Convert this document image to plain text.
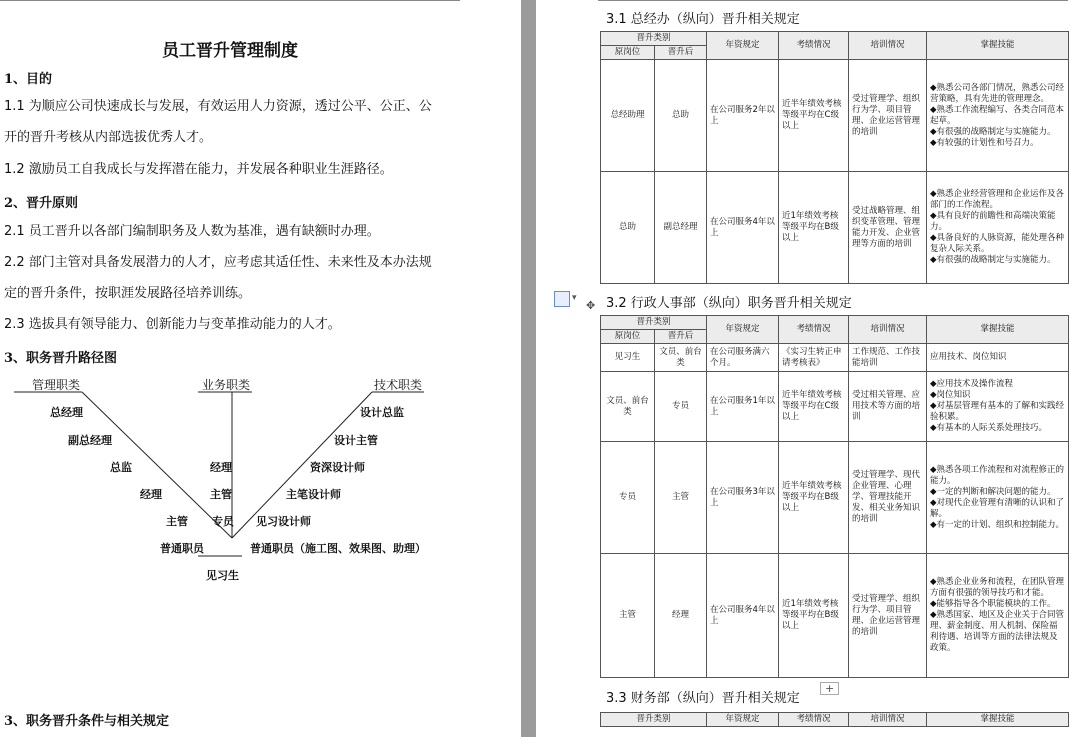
员工晋升管理制度
1、目的
1.1 为顺应公司快速成长与发展，有效运用人力资源，透过公平、公正、公
开的晋升考核从内部选拔优秀人才。
1.2 激励员工自我成长与发挥潜在能力，并发展各种职业生涯路径。
2、晋升原则
2.1 员工晋升以各部门编制职务及人数为基准，遇有缺额时办理。
2.2 部门主管对具备发展潜力的人才，应考虑其适任性、未来性及本办法规
定的晋升条件，按职涯发展路径培养训练。
2.3 选拔具有领导能力、创新能力与变革推动能力的人才。
3、职务晋升路径图
管理职类	业务职类	技术职类
总经理
副总经理
总监
经理
主管
经理
主管
专员
设计总监
设计主管
资深设计师
主笔设计师
见习设计师
普通职员	普通职员（施工图、效果图、助理）
见习生
3、职务晋升条件与相关规定
3.1 总经办（纵向）晋升相关规定
晋升类别		年资规定	考绩情况	培训情况	掌握技能
原岗位	晋升后				
总经助理	总助	在公司服务2年以上	近半年绩效考核等级平均在C级以上	受过管理学、组织行为学、项目管理、企业运营管理的培训	◆熟悉公司各部门情况，熟悉公司经营策略，具有先进的管理理念。
◆熟悉工作流程编写、各类合同范本起草。
◆有很强的战略制定与实施能力。
◆有较强的计划性和号召力。
总助	副总经理	在公司服务4年以上	近1年绩效考核等级平均在B级以上	受过战略管理、组织变革管理、管理能力开发、企业管理等方面的培训	◆熟悉企业经营管理和企业运作及各部门的工作流程。
◆具有良好的前瞻性和高端决策能力。
◆具备良好的人脉资源，能处理各种复杂人际关系。
◆有很强的战略制定与实施能力。
▾
✥ 3.2 行政人事部（纵向）职务晋升相关规定
晋升类别		年资规定	考绩情况	培训情况	掌握技能
原岗位	晋升后				
见习生	文员、前台类	在公司服务满六个月。	《实习生转正申请考核表》	工作规范、工作技能培训	应用技术、岗位知识
文员、前台类	专员	在公司服务1年以上	近半年绩效考核等级平均在C级以上	受过相关管理、应用技术等方面的培训	◆应用技术及操作流程
◆岗位知识
◆对基层管理有基本的了解和实践经验积累。
◆有基本的人际关系处理技巧。
专员	主管	在公司服务3年以上	近半年绩效考核等级平均在B级以上	受过管理学、现代企业管理、心理学、管理技能开发、相关业务知识的培训	◆熟悉各项工作流程和对流程修正的能力。
◆一定的判断和解决问题的能力。
◆对现代企业管理有清晰的认识和了解。
◆有一定的计划、组织和控制能力。
主管	经理	在公司服务4年以上	近1年绩效考核等级平均在B级以上	受过管理学、组织行为学、项目管理、企业运营管理的培训	◆熟悉企业业务和流程，在团队管理方面有很强的领导技巧和才能。
◆能够指导各个职能模块的工作。
◆熟悉国家、地区及企业关于合同管理、薪金制度、用人机制、保险福利待遇、培训等方面的法律法规及政策。
3.3 财务部（纵向）晋升相关规定
+
晋升类别	年资规定	考绩情况	培训情况	掌握技能
